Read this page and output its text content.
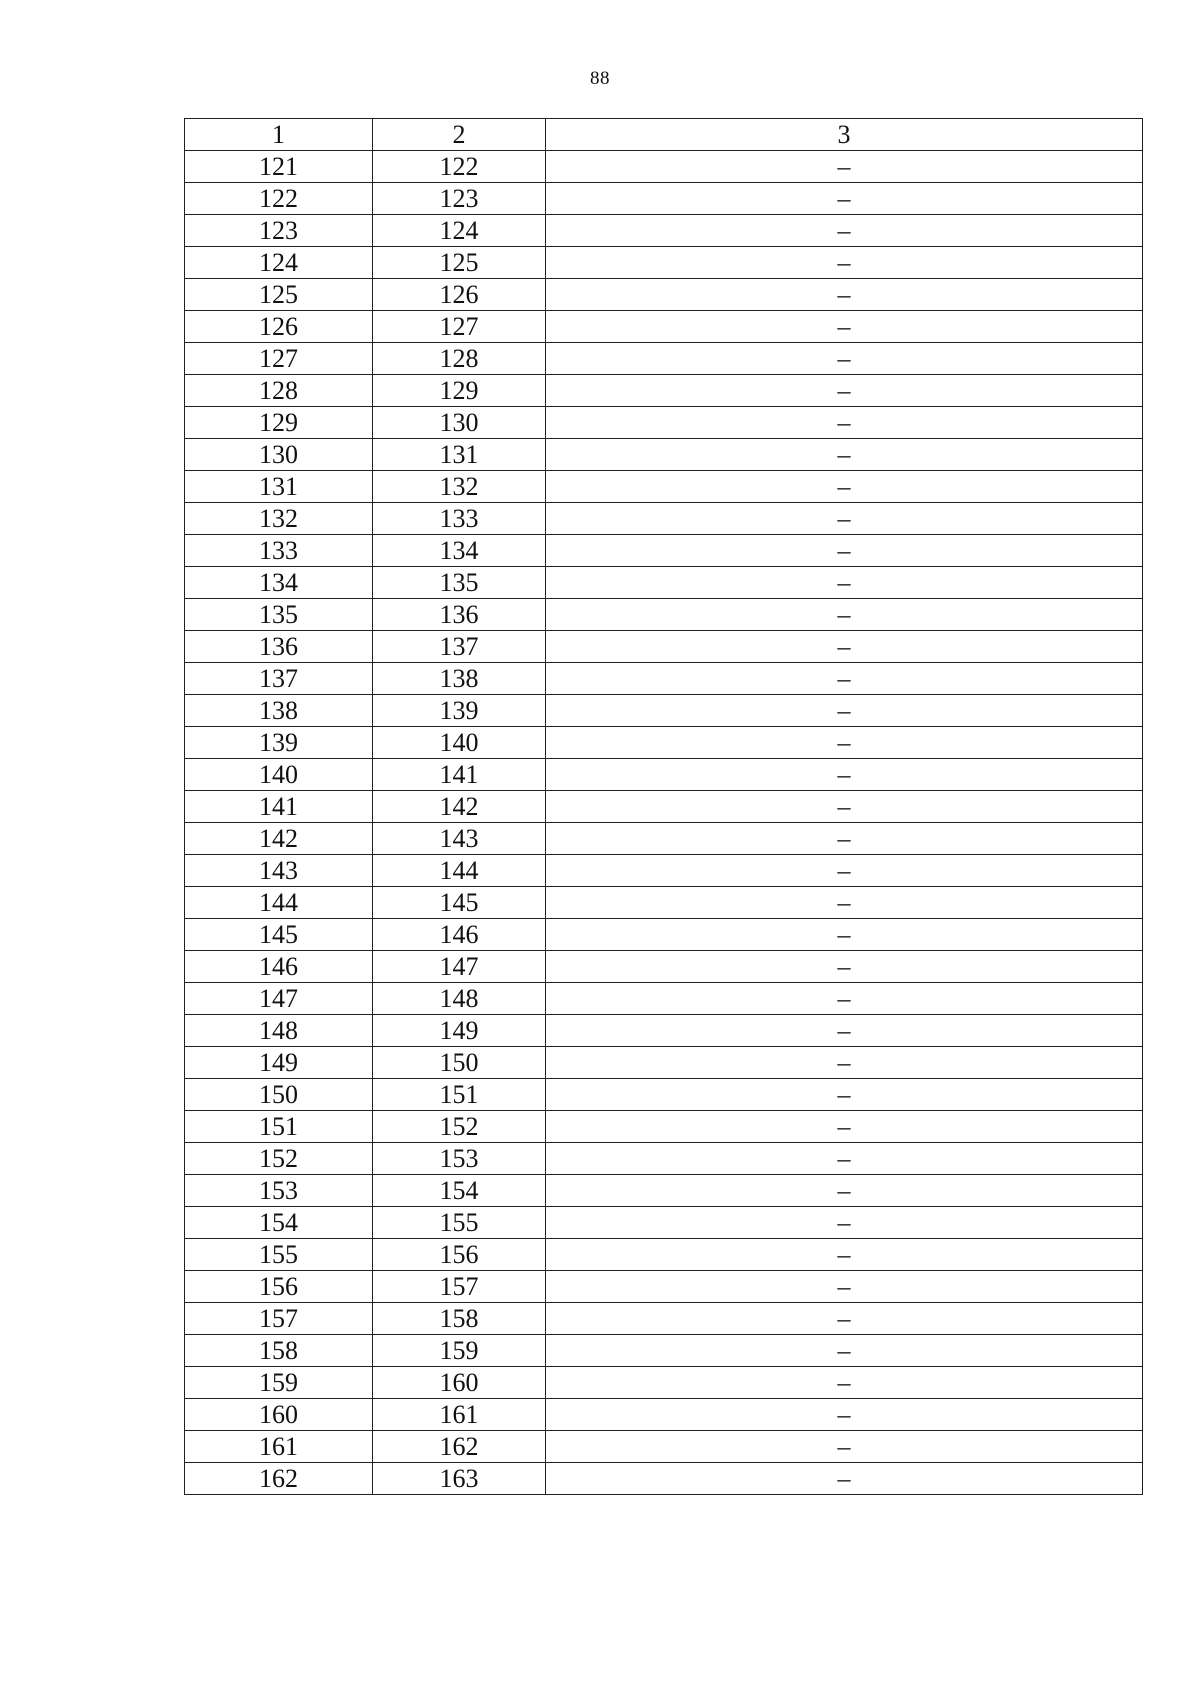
88
1	2	3
121	122	–
122	123	–
123	124	–
124	125	–
125	126	–
126	127	–
127	128	–
128	129	–
129	130	–
130	131	–
131	132	–
132	133	–
133	134	–
134	135	–
135	136	–
136	137	–
137	138	–
138	139	–
139	140	–
140	141	–
141	142	–
142	143	–
143	144	–
144	145	–
145	146	–
146	147	–
147	148	–
148	149	–
149	150	–
150	151	–
151	152	–
152	153	–
153	154	–
154	155	–
155	156	–
156	157	–
157	158	–
158	159	–
159	160	–
160	161	–
161	162	–
162	163	–
